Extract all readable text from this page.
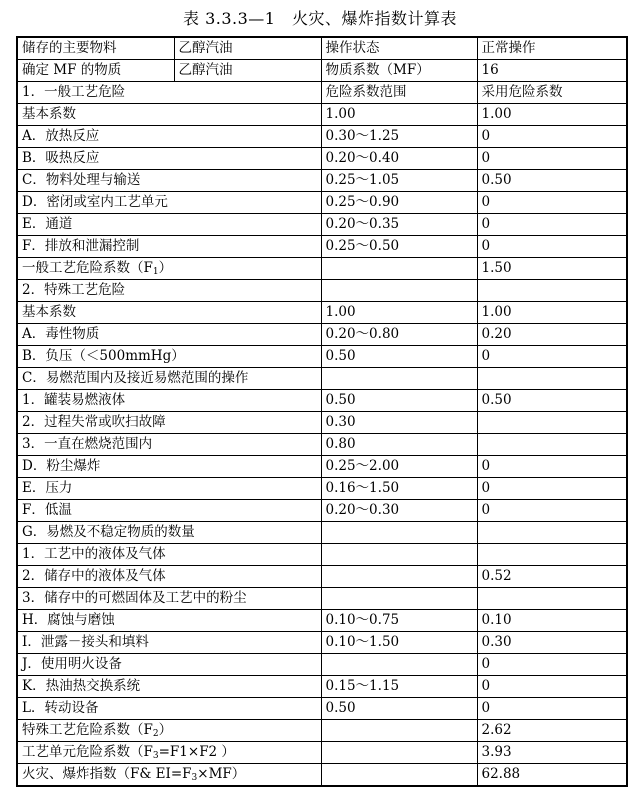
表 3.3.3—1　火灾、爆炸指数计算表
储存的主要物料	乙醇汽油	操作状态	正常操作
确定 MF 的物质	乙醇汽油	物质系数（MF）	16
1．一般工艺危险		危险系数范围	采用危险系数
基本系数		1.00	1.00
A．放热反应		0.30～1.25	0
B．吸热反应		0.20～0.40	0
C．物料处理与输送		0.25～1.05	0.50
D．密闭或室内工艺单元		0.25～0.90	0
E．通道		0.20～0.35	0
F．排放和泄漏控制		0.25～0.50	0
一般工艺危险系数$(F_1)$			1.50
2．特殊工艺危险			
基本系数		1.00	1.00
A．毒性物质		0.20～0.80	0.20
B．负压（＜500mmHg）		0.50	0
C．易燃范围内及接近易燃范围的操作			
1．罐装易燃液体		0.50	0.50
2．过程失常或吹扫故障		0.30	
3．一直在燃烧范围内		0.80	
D．粉尘爆炸		0.25～2.00	0
E．压力		0.16～1.50	0
F．低温		0.20～0.30	0
G．易燃及不稳定物质的数量			
1．工艺中的液体及气体			
2．储存中的液体及气体			0.52
3．储存中的可燃固体及工艺中的粉尘			
H．腐蚀与磨蚀		0.10～0.75	0.10
I．泄露－接头和填料		0.10～1.50	0.30
J．使用明火设备			0
K．热油热交换系统		0.15～1.15	0
L．转动设备		0.50	0
特殊工艺危险系数$(F_2)$			2.62
工艺单元危险系数（$F_3=F1\times F2$ ）			3.93
火灾、爆炸指数（F& $EI=F_3\times MF$）			62.88
